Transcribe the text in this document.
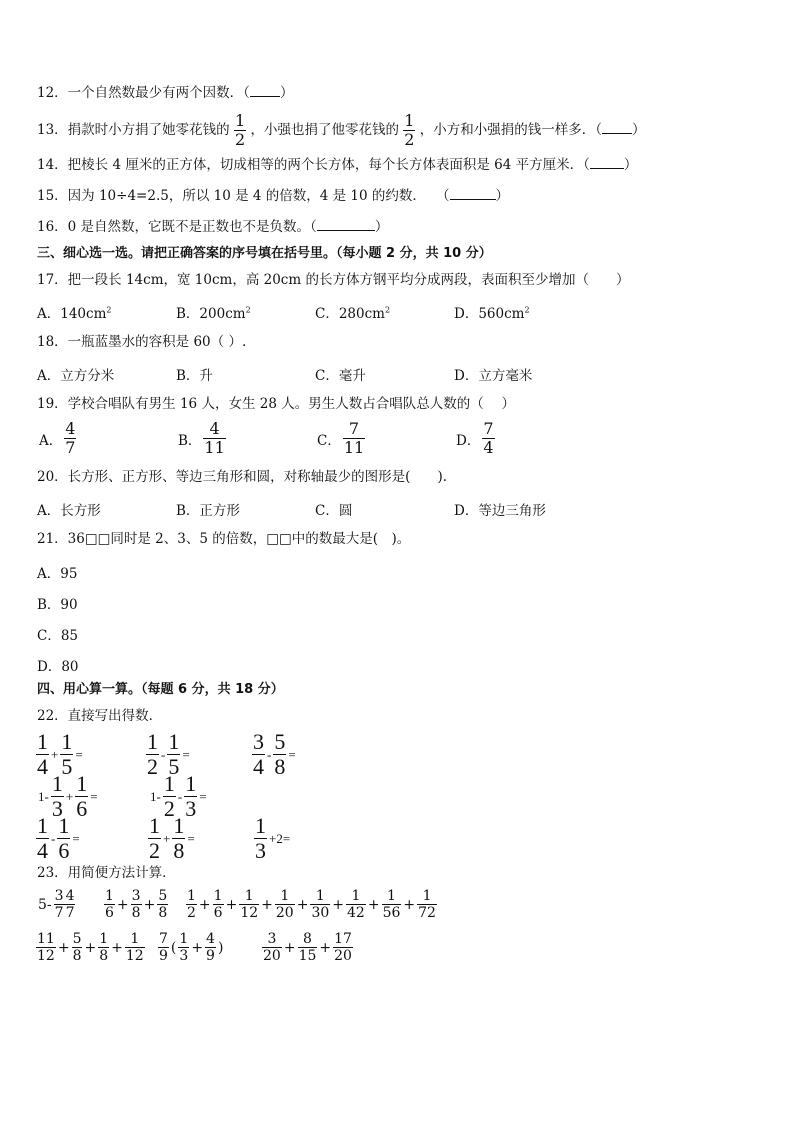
12．一个自然数最少有两个因数．（ ）
13．捐款时小方捐了她零花钱的 $\frac{1}{2}$ ，小强也捐了他零花钱的 $\frac{1}{2}$ ，小方和小强捐的钱一样多．（ ）
14．把棱长 4 厘米的正方体，切成相等的两个长方体，每个长方体表面积是 64 平方厘米．（	）
15．因为 10÷4=2.5，所以 10 是 4 的倍数，4 是 10 的约数． （	）
16．0 是自然数，它既不是正数也不是负数。（	）
三、细心选一选。请把正确答案的序号填在括号里。（每小题 2 分，共 10 分）
17．把一段长 14cm，宽 10cm，高 20cm 的长方体方钢平均分成两段，表面积至少增加（　　）
A．$140cm^2$	B．$200cm^2$	C．$280cm^2$	D．$560cm^2$
18．一瓶蓝墨水的容积是 60（ ）.
A．立方分米	B．升	C．毫升	D．立方毫米
19．学校合唱队有男生 16 人，女生 28 人。男生人数占合唱队总人数的（　 ）
A． $\frac{4}{7}$	B． $\frac{4}{11}$	C． $\frac{7}{11}$	D． $\frac{7}{4}$
20．长方形、正方形、等边三角形和圆，对称轴最少的图形是(　　).
A．长方形	B．正方形	C．圆	D．等边三角形
21．36□□同时是 2、3、5 的倍数，□□中的数最大是(　)。
A．95
B．90
C．85
D．80
四、用心算一算。（每题 6 分，共 18 分）
22．直接写出得数．
$\frac{1}{4} + \frac{1}{5}$ =	$\frac{1}{2} - \frac{1}{5}$ =	$\frac{3}{4} - \frac{5}{8}$ =
$1- \frac{1}{3} + \frac{1}{6}$ =	$1- \frac{1}{2} - \frac{1}{3}$ =
$\frac{1}{4} - \frac{1}{6}$ =	$\frac{1}{2} + \frac{1}{8}$ =	$\frac{1}{3} +2=$
23．用简便方法计算．
$5- \frac{3}{7} \frac{4}{7} \frac{1}{6} + \frac{3}{8} + \frac{5}{8} \frac{1}{2} + \frac{1}{6} + \frac{1}{12} + \frac{1}{20} + \frac{1}{30} + \frac{1}{42} + \frac{1}{56} + \frac{1}{72}$
$\frac{11}{12} + \frac{5}{8} + \frac{1}{8} + \frac{1}{12} \frac{7}{9}$ ( $\frac{1}{3} + \frac{4}{9}$ )	$\frac{3}{20} + \frac{8}{15} + \frac{17}{20}$
